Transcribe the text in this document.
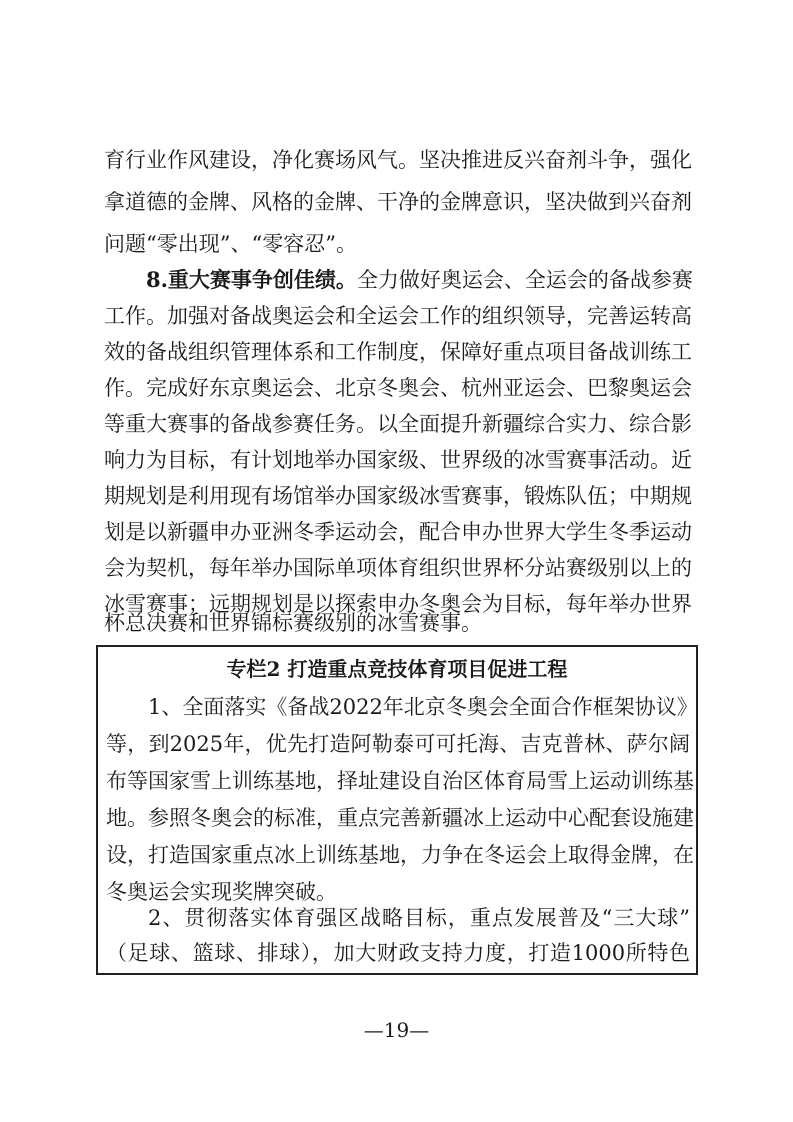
育行业作风建设，净化赛场风气。坚决推进反兴奋剂斗争，强化
拿道德的金牌、风格的金牌、干净的金牌意识，坚决做到兴奋剂
问题“零出现”、“零容忍”。
8.重大赛事争创佳绩。全力做好奥运会、全运会的备战参赛
工作。加强对备战奥运会和全运会工作的组织领导，完善运转高
效的备战组织管理体系和工作制度，保障好重点项目备战训练工
作。完成好东京奥运会、北京冬奥会、杭州亚运会、巴黎奥运会
等重大赛事的备战参赛任务。以全面提升新疆综合实力、综合影
响力为目标，有计划地举办国家级、世界级的冰雪赛事活动。近
期规划是利用现有场馆举办国家级冰雪赛事，锻炼队伍；中期规
划是以新疆申办亚洲冬季运动会，配合申办世界大学生冬季运动
会为契机，每年举办国际单项体育组织世界杯分站赛级别以上的
冰雪赛事；远期规划是以探索申办冬奥会为目标，每年举办世界
杯总决赛和世界锦标赛级别的冰雪赛事。
专栏2 打造重点竞技体育项目促进工程
1、全面落实《备战2022年北京冬奥会全面合作框架协议》
等，到2025年，优先打造阿勒泰可可托海、吉克普林、萨尔阔
布等国家雪上训练基地，择址建设自治区体育局雪上运动训练基
地。参照冬奥会的标准，重点完善新疆冰上运动中心配套设施建
设，打造国家重点冰上训练基地，力争在冬运会上取得金牌，在
冬奥运会实现奖牌突破。
2、贯彻落实体育强区战略目标，重点发展普及“三大球”
（足球、篮球、排球），加大财政支持力度，打造1000所特色
—19—
